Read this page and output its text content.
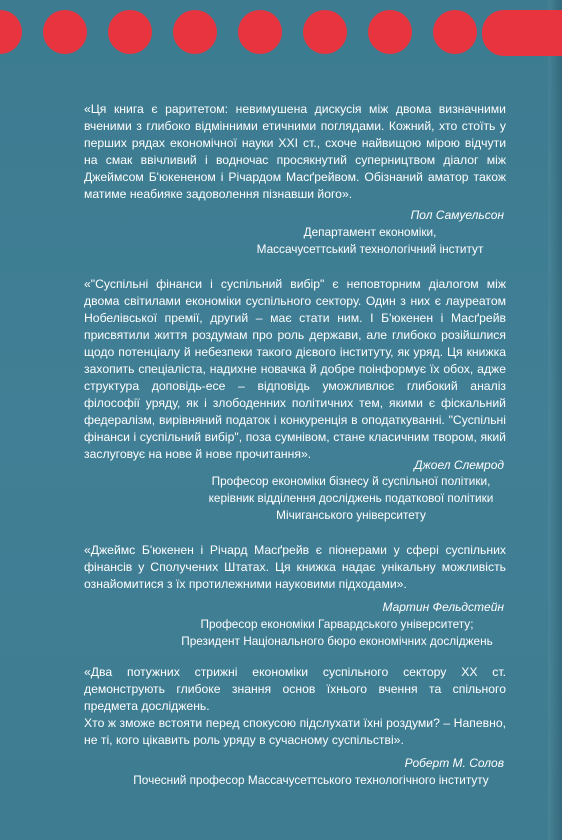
«Ця книга є раритетом: невимушена дискусія між двома визначними вченими з глибоко відмінними етичними поглядами. Кожний, хто стоїть у перших рядах економічної науки XXI ст., схоче найвищою мірою відчути на смак ввічливий і водночас просякнутий суперництвом діалог між Джеймсом Б'юкененом і Річардом Масґрейвом. Обізнаний аматор також матиме неабияке задоволення пізнавши його».

Пол Самуельсон
Департамент економіки,
Массачусеттський технологічний інститут

«"Суспільні фінанси і суспільний вибір" є неповторним діалогом між двома світилами економіки суспільного сектору. Один з них є лауреатом Нобелівської премії, другий – має стати ним. І Б'юкенен і Масґрейв присвятили життя роздумам про роль держави, але глибоко розійшлися щодо потенціалу й небезпеки такого дієвого інституту, як уряд. Ця книжка захопить спеціаліста, надихне новачка й добре поінформує їх обох, адже структура доповідь-есе – відповідь уможливлює глибокий аналіз філософії уряду, як і злободенних політичних тем, якими є фіскальний федералізм, вирівняний податок і конкуренція в оподаткуванні. "Суспільні фінанси і суспільний вибір", поза сумнівом, стане класичним твором, який заслуговує на нове й нове прочитання».

Джоел Слемрод
Професор економіки бізнесу й суспільної політики,
керівник відділення досліджень податкової політики
Мічиганського університету

«Джеймс Б'юкенен і Річард Масґрейв є піонерами у сфері суспільних фінансів у Сполучених Штатах. Ця книжка надає унікальну можливість ознайомитися з їх протилежними науковими підходами».

Мартин Фельдстейн
Професор економіки Гарвардського університету;
Президент Національного бюро економічних досліджень

«Два потужних стрижні економіки суспільного сектору XX ст. демонструють глибоке знання основ їхнього вчення та спільного предмета досліджень.

Хто ж зможе встояти перед спокусою підслухати їхні роздуми? – Напевно, не ті, кого цікавить роль уряду в сучасному суспільстві».

Роберт М. Солов
Почесний професор Массачусеттського технологічного інституту
